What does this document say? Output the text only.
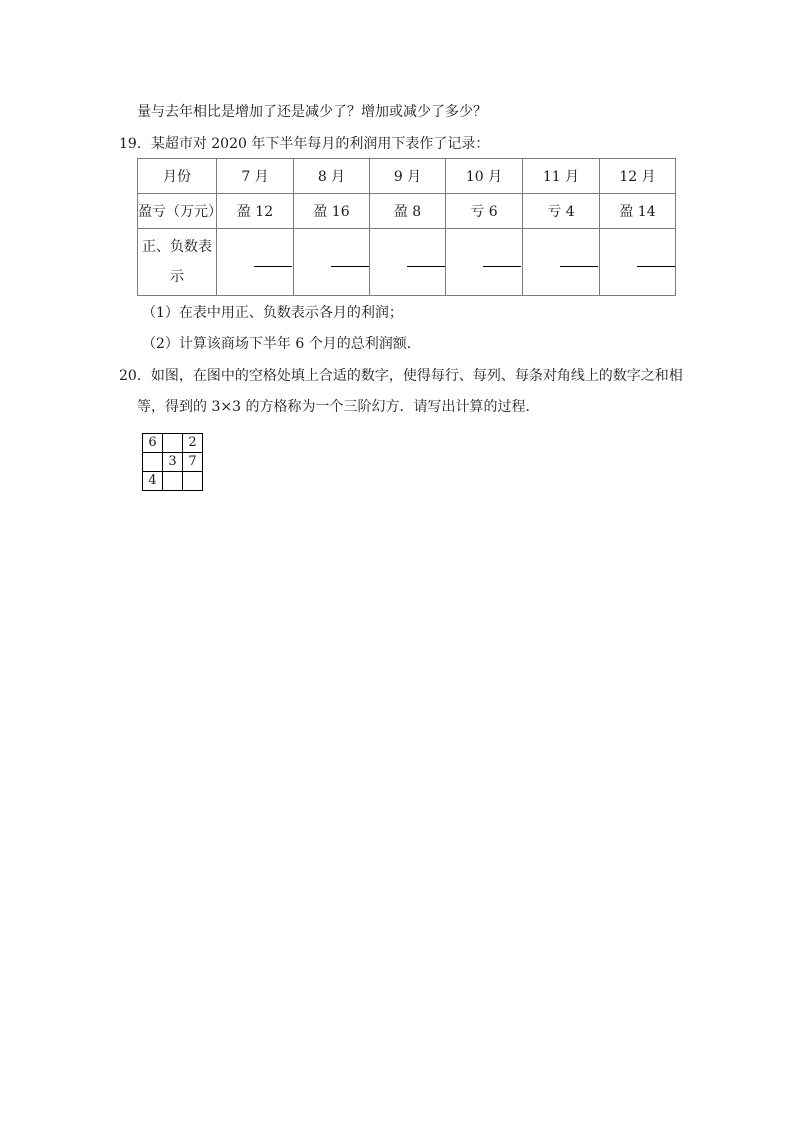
量与去年相比是增加了还是减少了？增加或减少了多少？
19．某超市对 2020 年下半年每月的利润用下表作了记录：
月份	7 月	8 月	9 月	10 月	11 月	12 月
盈亏（万元）	盈 12	盈 16	盈 8	亏 6	亏 4	盈 14
正、负数表示						
（1）在表中用正、负数表示各月的利润；
（2）计算该商场下半年 6 个月的总利润额．
20．如图，在图中的空格处填上合适的数字，使得每行、每列、每条对角线上的数字之和相
等，得到的 3×3 的方格称为一个三阶幻方．请写出计算的过程．
6		2
	3	7
4		
